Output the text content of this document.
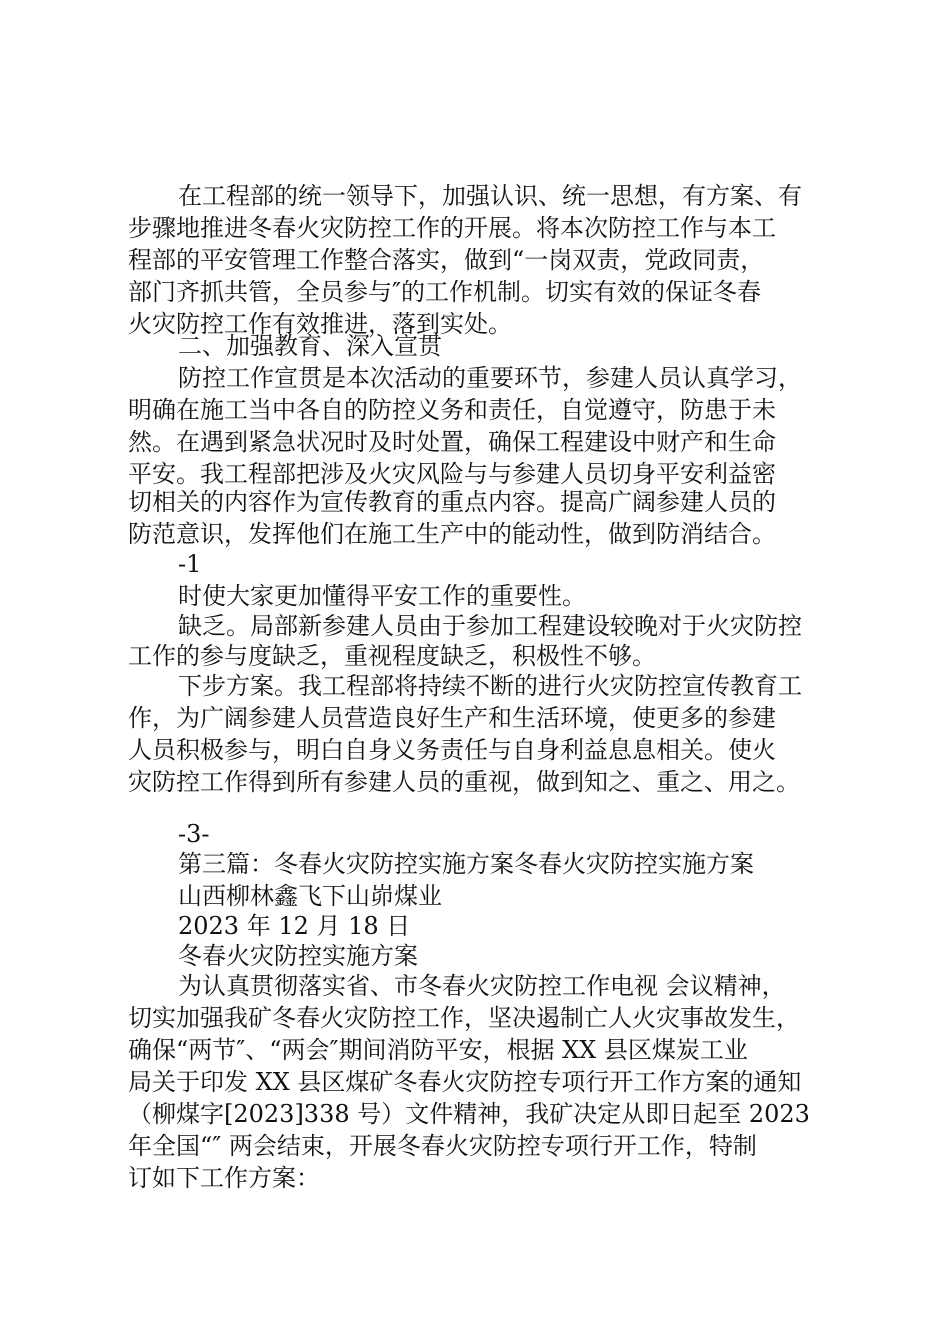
在工程部的统一领导下，加强认识、统一思想，有方案、有

步骤地推进冬春火灾防控工作的开展。将本次防控工作与本工

程部的平安管理工作整合落实，做到“一岗双责，党政同责，

部门齐抓共管，全员参与″的工作机制。切实有效的保证冬春

火灾防控工作有效推进，落到实处。

二、加强教育、深入宣贯

防控工作宣贯是本次活动的重要环节，参建人员认真学习，

明确在施工当中各自的防控义务和责任，自觉遵守，防患于未

然。在遇到紧急状况时及时处置，确保工程建设中财产和生命

平安。我工程部把涉及火灾风险与与参建人员切身平安利益密

切相关的内容作为宣传教育的重点内容。提高广阔参建人员的

防范意识，发挥他们在施工生产中的能动性，做到防消结合。

-1

时使大家更加懂得平安工作的重要性。

缺乏。局部新参建人员由于参加工程建设较晚对于火灾防控

工作的参与度缺乏，重视程度缺乏，积极性不够。

下步方案。我工程部将持续不断的进行火灾防控宣传教育工

作，为广阔参建人员营造良好生产和生活环境，使更多的参建

人员积极参与，明白自身义务责任与自身利益息息相关。使火

灾防控工作得到所有参建人员的重视，做到知之、重之、用之。

-3-

第三篇：冬春火灾防控实施方案冬春火灾防控实施方案

山西柳林鑫飞下山峁煤业

2023 年 12 月 18 日

冬春火灾防控实施方案

为认真贯彻落实省、市冬春火灾防控工作电视 会议精神，

切实加强我矿冬春火灾防控工作，坚决遏制亡人火灾事故发生，

确保“两节″、“两会″期间消防平安，根据 XX 县区煤炭工业

局关于印发 XX 县区煤矿冬春火灾防控专项行开工作方案的通知

（柳煤字[2023]338 号）文件精神，我矿决定从即日起至 2023

年全国“″ 两会结束，开展冬春火灾防控专项行开工作，特制

订如下工作方案：
